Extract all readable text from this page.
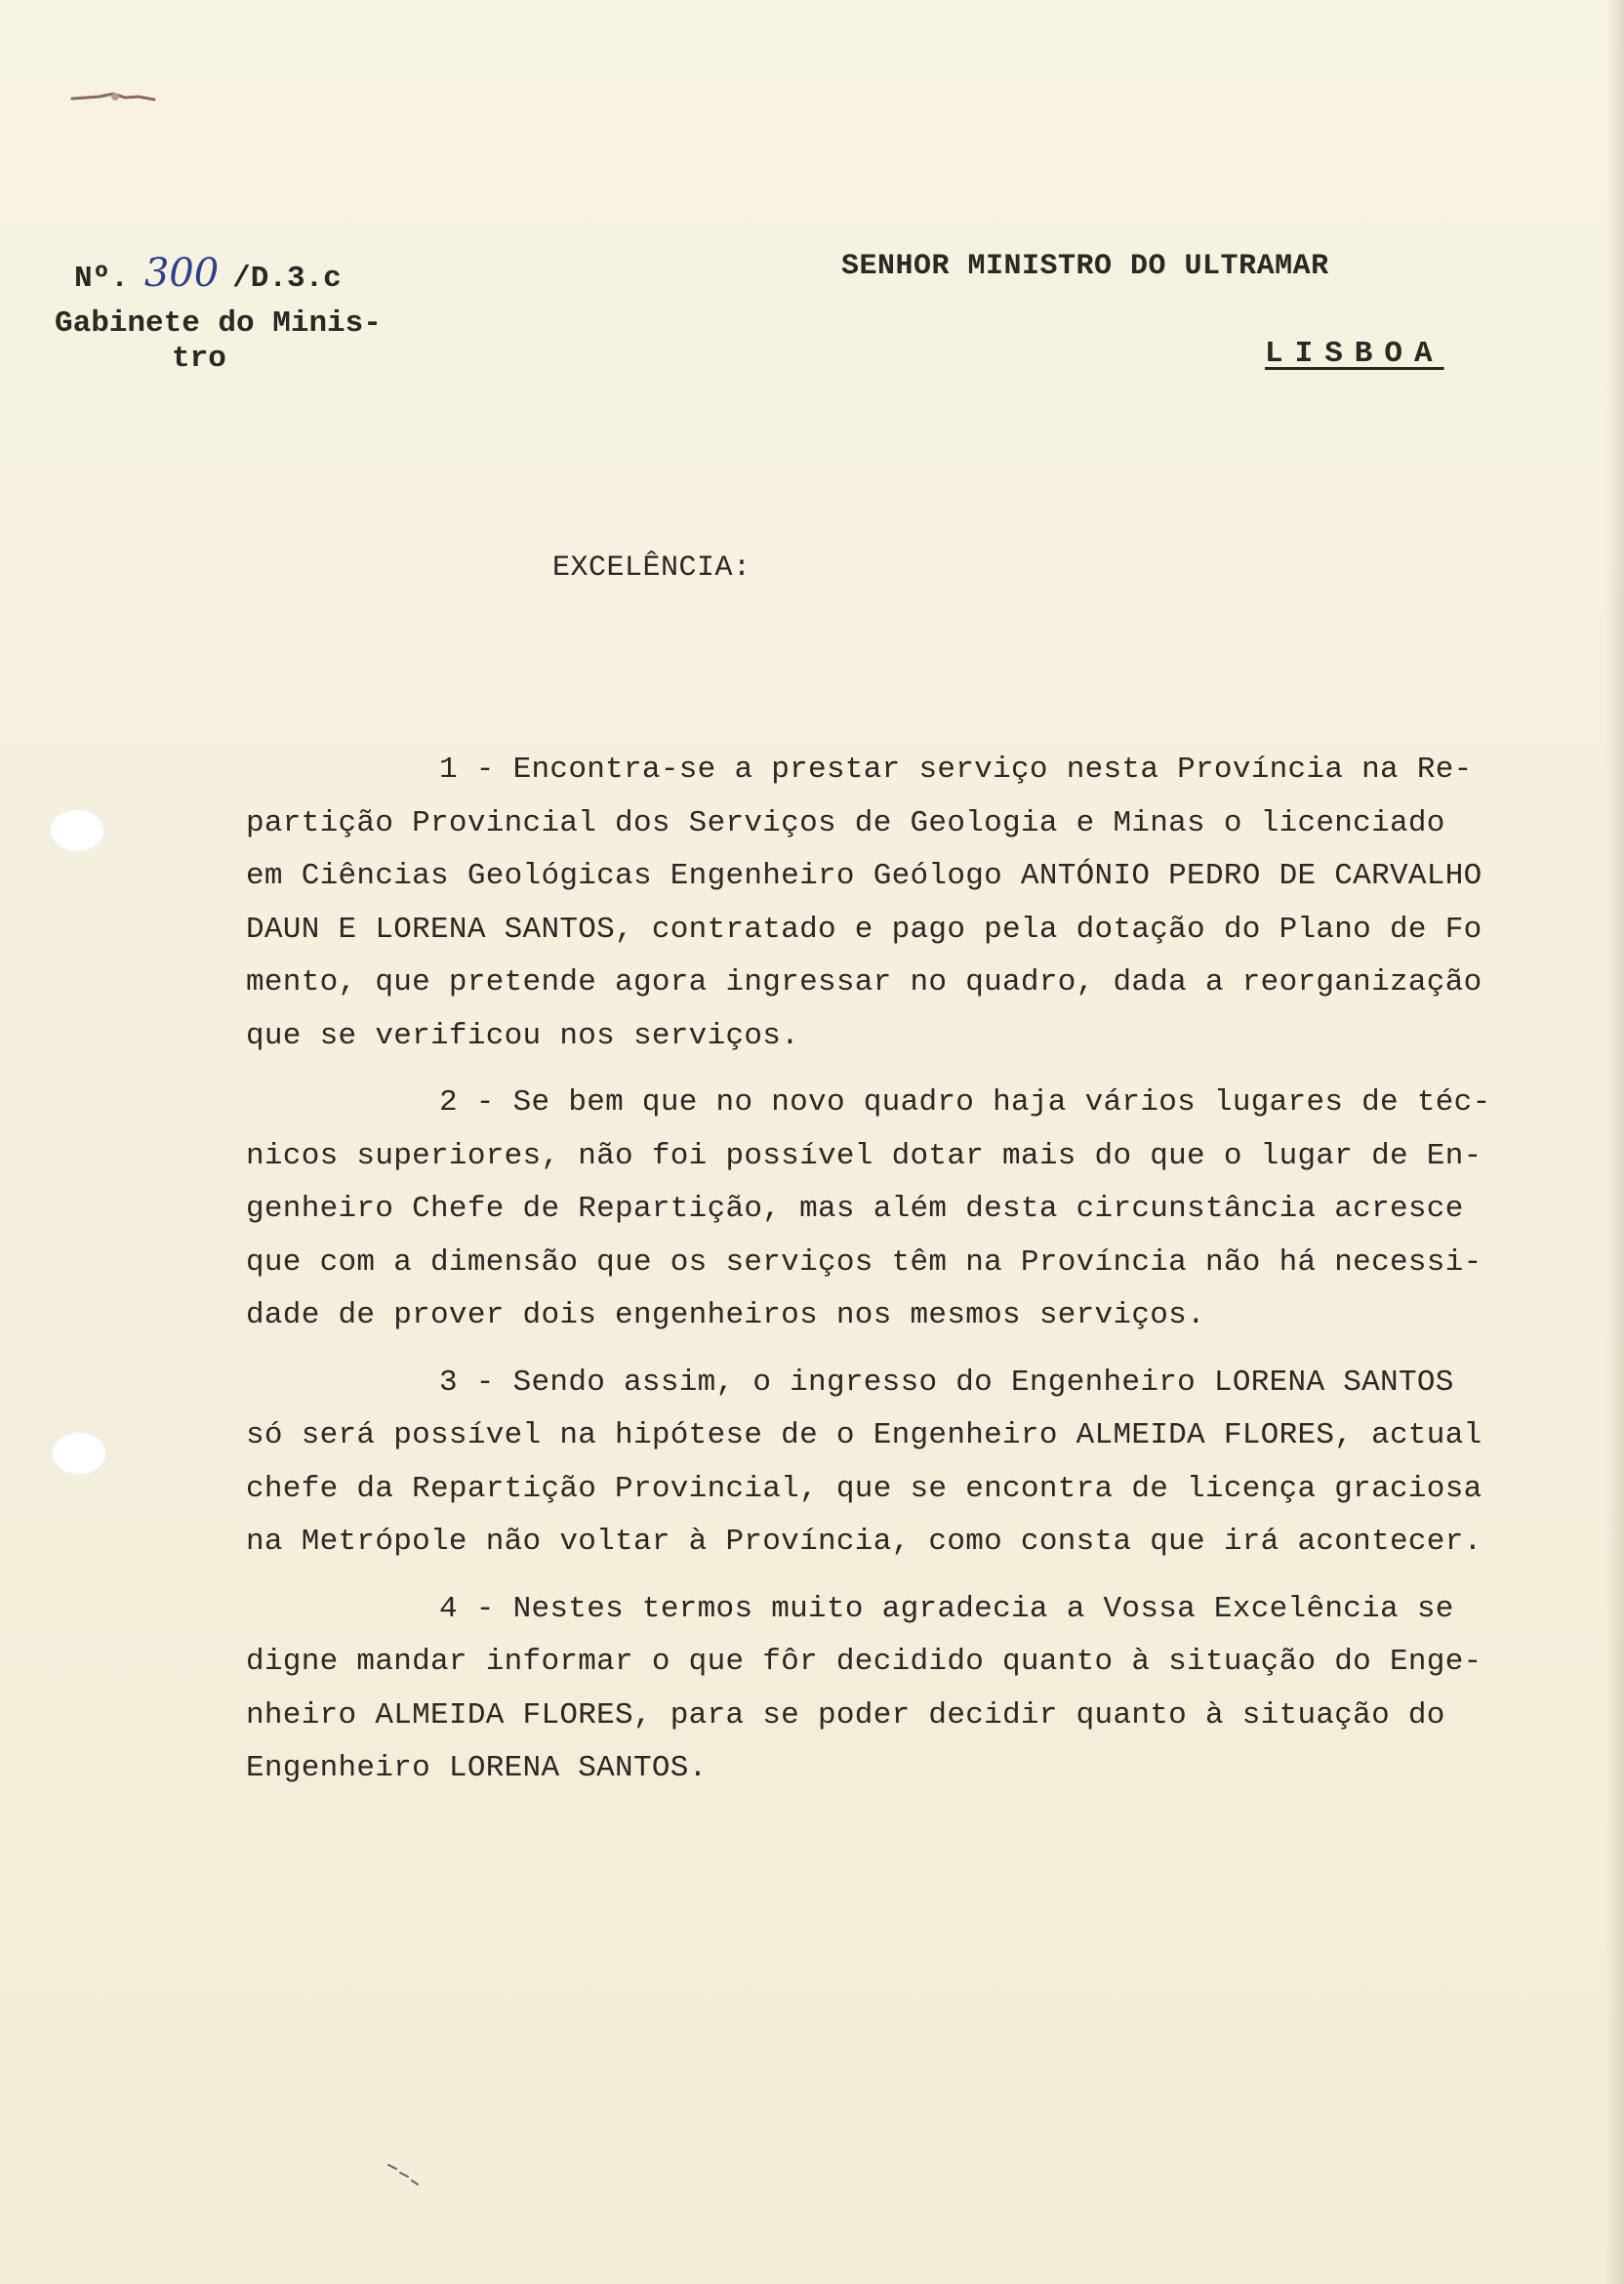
Nº. 300 /D.3.c
Gabinete do Minis-
tro
SENHOR MINISTRO DO ULTRAMAR
LISBOA
EXCELÊNCIA:
1 - Encontra-se a prestar serviço nesta Província na Re-
partição Provincial dos Serviços de Geologia e Minas o licenciado
em Ciências Geológicas Engenheiro Geólogo ANTÓNIO PEDRO DE CARVALHO
DAUN E LORENA SANTOS, contratado e pago pela dotação do Plano de Fo
mento, que pretende agora ingressar no quadro, dada a reorganização
que se verificou nos serviços.
2 - Se bem que no novo quadro haja vários lugares de téc-
nicos superiores, não foi possível dotar mais do que o lugar de En-
genheiro Chefe de Repartição, mas além desta circunstância acresce
que com a dimensão que os serviços têm na Província não há necessi-
dade de prover dois engenheiros nos mesmos serviços.
3 - Sendo assim, o ingresso do Engenheiro LORENA SANTOS
só será possível na hipótese de o Engenheiro ALMEIDA FLORES, actual
chefe da Repartição Provincial, que se encontra de licença graciosa
na Metrópole não voltar à Província, como consta que irá acontecer.
4 - Nestes termos muito agradecia a Vossa Excelência se
digne mandar informar o que fôr decidido quanto à situação do Enge-
nheiro ALMEIDA FLORES, para se poder decidir quanto à situação do
Engenheiro LORENA SANTOS.
